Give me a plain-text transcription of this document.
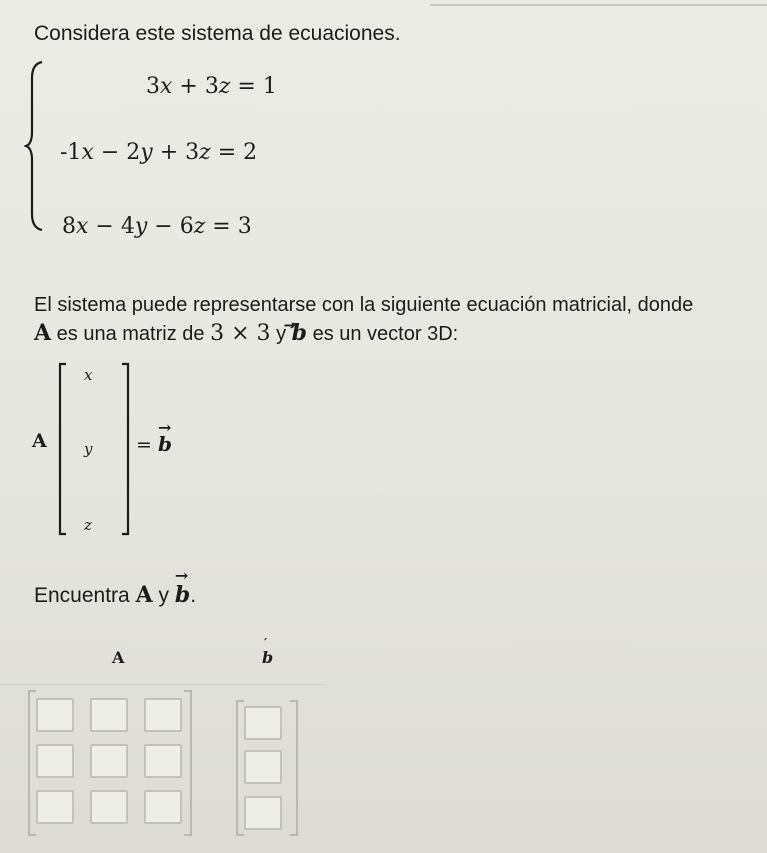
Considera este sistema de ecuaciones.
3x + 3z = 1
-1x − 2y + 3z = 2
8x − 4y − 6z = 3
El sistema puede representarse con la siguiente ecuación matricial, donde
A es una matriz de 3 × 3 y b es un vector 3D:
A
x
y
z
=
→
b
Encuentra A y
→
b.
A
′
b
